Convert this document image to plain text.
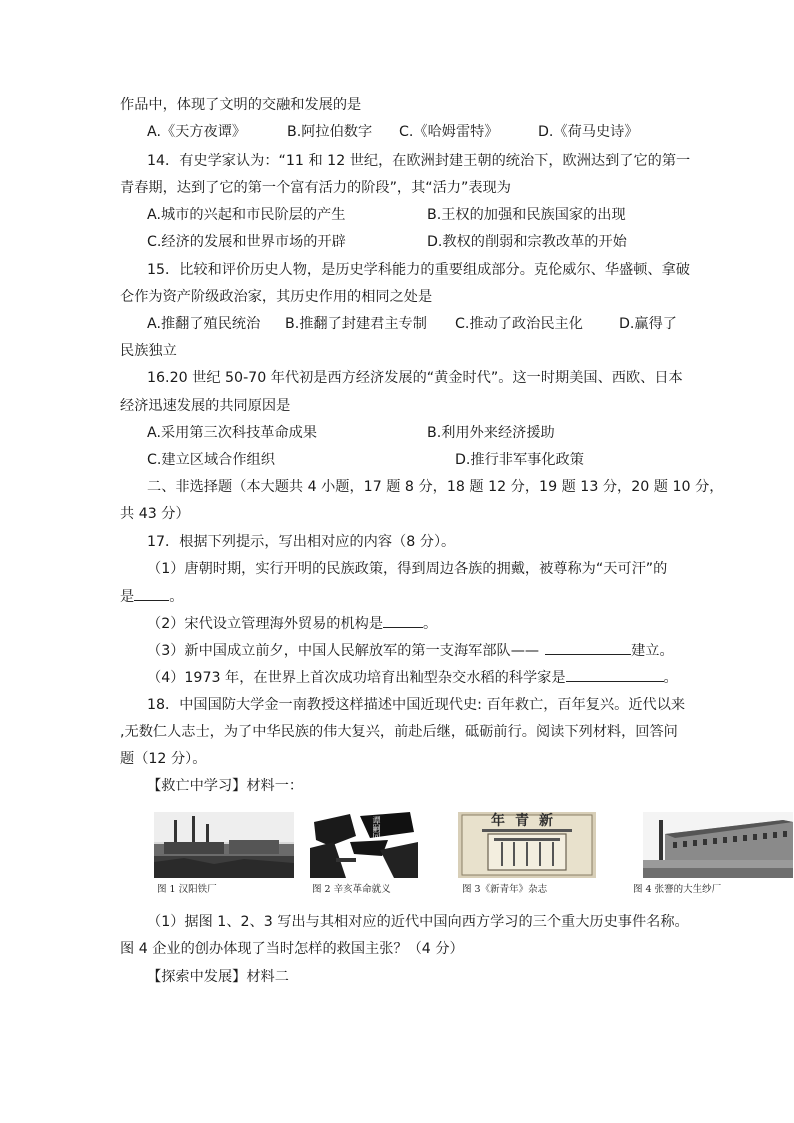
作品中，体现了文明的交融和发展的是
A.《天方夜谭》	B.阿拉伯数字 C.《哈姆雷特》	D.《荷马史诗》
14．有史学家认为：“11 和 12 世纪，在欧洲封建王朝的统治下，欧洲达到了它的第一
青春期，达到了它的第一个富有活力的阶段”，其“活力”表现为
A.城市的兴起和市民阶层的产生	B.王权的加强和民族国家的出现
C.经济的发展和世界市场的开辟	D.教权的削弱和宗教改革的开始
15．比较和评价历史人物，是历史学科能力的重要组成部分。克伦威尔、华盛顿、拿破
仑作为资产阶级政治家，其历史作用的相同之处是
A.推翻了殖民统治 B.推翻了封建君主专制 C.推动了政治民主化	D.赢得了
民族独立
16.20 世纪 50-70 年代初是西方经济发展的“黄金时代”。这一时期美国、西欧、日本
经济迅速发展的共同原因是
A.采用第三次科技革命成果	B.利用外来经济援助
C.建立区域合作组织	D.推行非军事化政策
二、非选择题（本大题共 4 小题，17 题 8 分，18 题 12 分，19 题 13 分，20 题 10 分，
共 43 分）
17．根据下列提示，写出相对应的内容（8 分）。
（1）唐朝时期，实行开明的民族政策，得到周边各族的拥戴，被尊称为“天可汗”的
是 。
（2）宋代设立管理海外贸易的机构是	。
（3）新中国成立前夕，中国人民解放军的第一支海军部队——	建立。
（4）1973 年，在世界上首次成功培育出籼型杂交水稻的科学家是	。
18．中国国防大学金一南教授这样描述中国近现代史: 百年救亡，百年复兴。近代以来
,无数仁人志士，为了中华民族的伟大复兴，前赴后继，砥砺前行。阅读下列材料，回答问
题（12 分）。
【救亡中学习】材料一：
图 1 汉阳铁厂
谭嗣同
图 2 辛亥革命就义
年青新
图 3《新青年》杂志	图 4 张謇的大生纱厂
（1）据图 1、2、3 写出与其相对应的近代中国向西方学习的三个重大历史事件名称。
图 4 企业的创办体现了当时怎样的救国主张？（4 分）
【探索中发展】材料二
